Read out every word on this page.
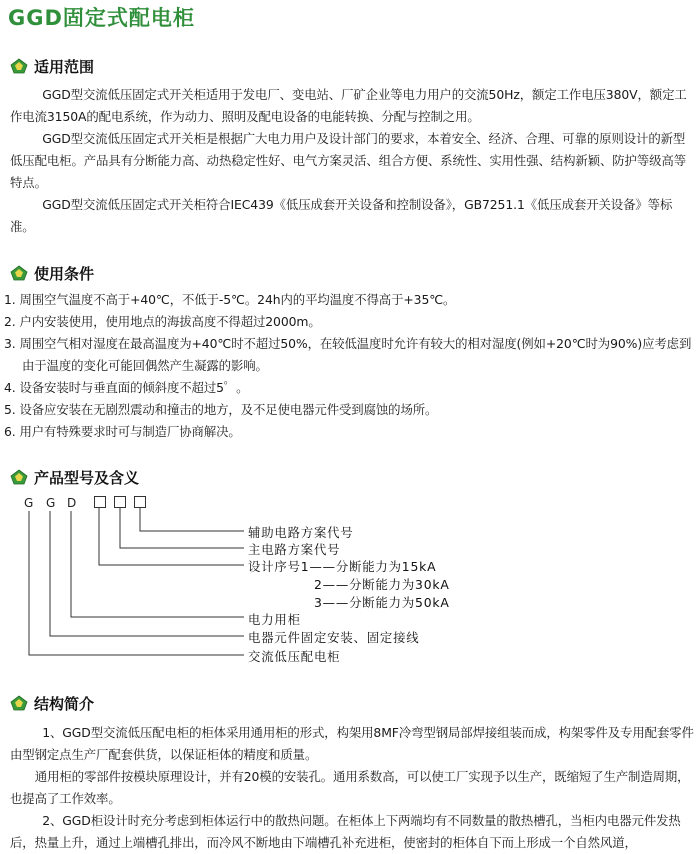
GGD固定式配电柜
适用范围

GGD型交流低压固定式开关柜适用于发电厂、变电站、厂矿企业等电力用户的交流50Hz，额定工作电压380V，额定工作电流3150A的配电系统，作为动力、照明及配电设备的电能转换、分配与控制之用。

GGD型交流低压固定式开关柜是根据广大电力用户及设计部门的要求，本着安全、经济、合理、可靠的原则设计的新型低压配电柜。产品具有分断能力高、动热稳定性好、电气方案灵活、组合方便、系统性、实用性强、结构新颖、防护等级高等特点。

GGD型交流低压固定式开关柜符合IEC439《低压成套开关设备和控制设备》，GB7251.1《低压成套开关设备》等标准。

使用条件
1. 周围空气温度不高于+40℃，不低于-5℃。24h内的平均温度不得高于+35℃。
2. 户内安装使用，使用地点的海拔高度不得超过2000m。
3. 周围空气相对湿度在最高温度为+40℃时不超过50%，在较低温度时允许有较大的相对湿度(例如+20℃时为90%)应考虑到由于温度的变化可能回偶然产生凝露的影响。
4. 设备安装时与垂直面的倾斜度不超过5゜。
5. 设备应安装在无剧烈震动和撞击的地方，及不足使电器元件受到腐蚀的场所。
6. 用户有特殊要求时可与制造厂协商解决。
产品型号及含义
G G D
辅助电路方案代号
主电路方案代号
设计序号1——分断能力为15kA
2——分断能力为30kA
3——分断能力为50kA
电力用柜
电器元件固定安装、固定接线
交流低压配电柜
结构简介

1、GGD型交流低压配电柜的柜体采用通用柜的形式，构架用8MF冷弯型钢局部焊接组装而成，构架零件及专用配套零件由型钢定点生产厂配套供货，以保证柜体的精度和质量。

通用柜的零部件按模块原理设计，并有20模的安装孔。通用系数高，可以使工厂实现予以生产，既缩短了生产制造周期，也提高了工作效率。

2、GGD柜设计时充分考虑到柜体运行中的散热问题。在柜体上下两端均有不同数量的散热槽孔，当柜内电器元件发热后，热量上升，通过上端槽孔排出，而冷风不断地由下端槽孔补充进柜，使密封的柜体自下而上形成一个自然风道，
